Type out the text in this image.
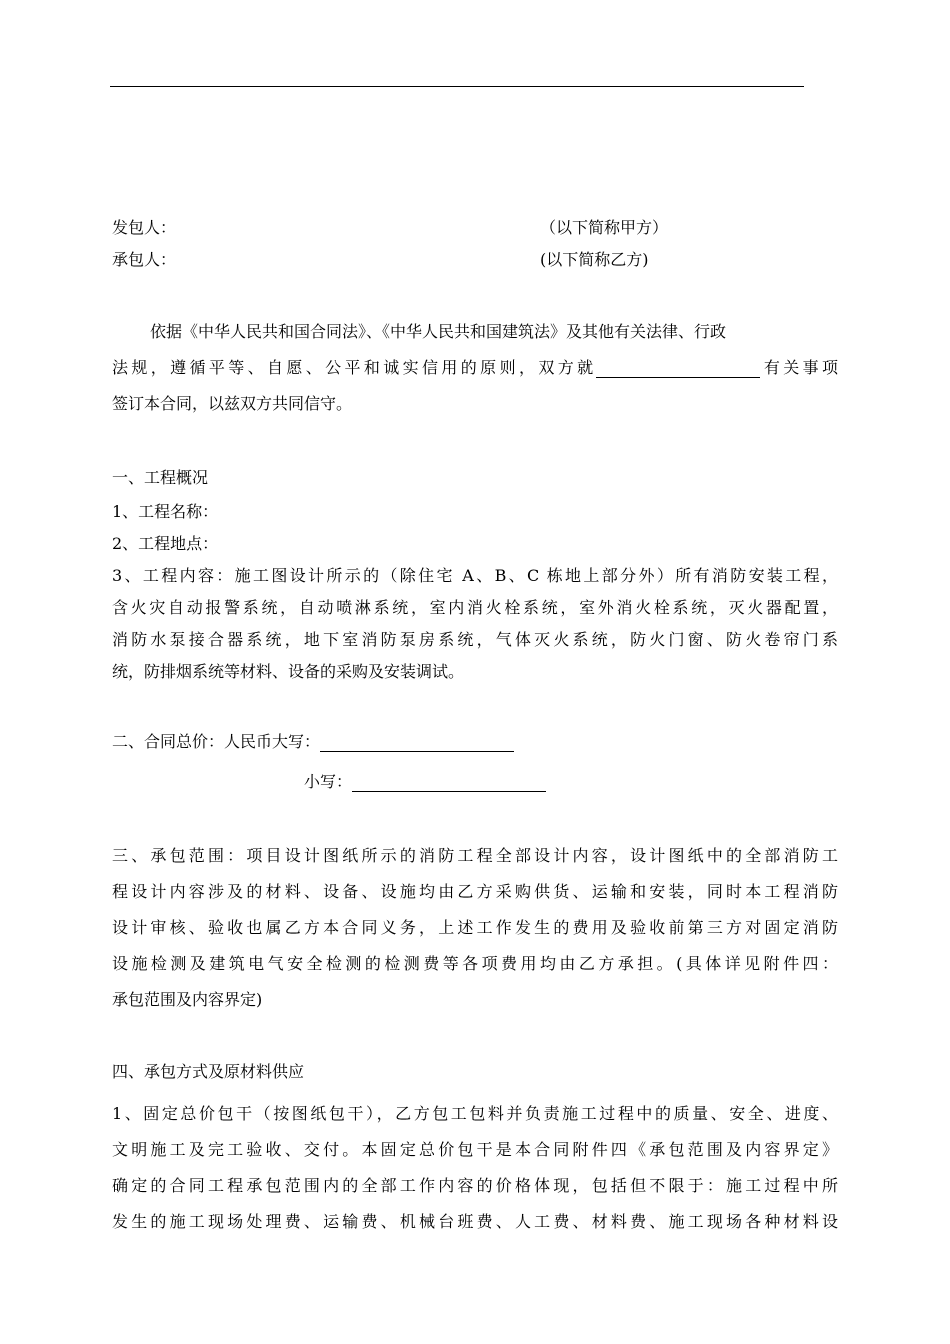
发包人：	（以下简称甲方）
承包人：	(以下简称乙方)
依据《中华人民共和国合同法》、《中华人民共和国建筑法》及其他有关法律、行政
法规，遵循平等、自愿、公平和诚实信用的原则，双方就	有关事项
签订本合同，以兹双方共同信守。
一、工程概况
1、工程名称：
2、工程地点：
3、工程内容：施工图设计所示的（除住宅 A、B、C 栋地上部分外）所有消防安装工程，
含火灾自动报警系统，自动喷淋系统，室内消火栓系统，室外消火栓系统，灭火器配置，
消防水泵接合器系统，地下室消防泵房系统，气体灭火系统，防火门窗、防火卷帘门系
统，防排烟系统等材料、设备的采购及安装调试。
二、合同总价：人民币大写：
小写：
三、承包范围：项目设计图纸所示的消防工程全部设计内容，设计图纸中的全部消防工
程设计内容涉及的材料、设备、设施均由乙方采购供货、运输和安装，同时本工程消防
设计审核、验收也属乙方本合同义务，上述工作发生的费用及验收前第三方对固定消防
设施检测及建筑电气安全检测的检测费等各项费用均由乙方承担。(具体详见附件四：
承包范围及内容界定)
四、承包方式及原材料供应
1、固定总价包干（按图纸包干），乙方包工包料并负责施工过程中的质量、安全、进度、
文明施工及完工验收、交付。本固定总价包干是本合同附件四《承包范围及内容界定》
确定的合同工程承包范围内的全部工作内容的价格体现，包括但不限于：施工过程中所
发生的施工现场处理费、运输费、机械台班费、人工费、材料费、施工现场各种材料设
